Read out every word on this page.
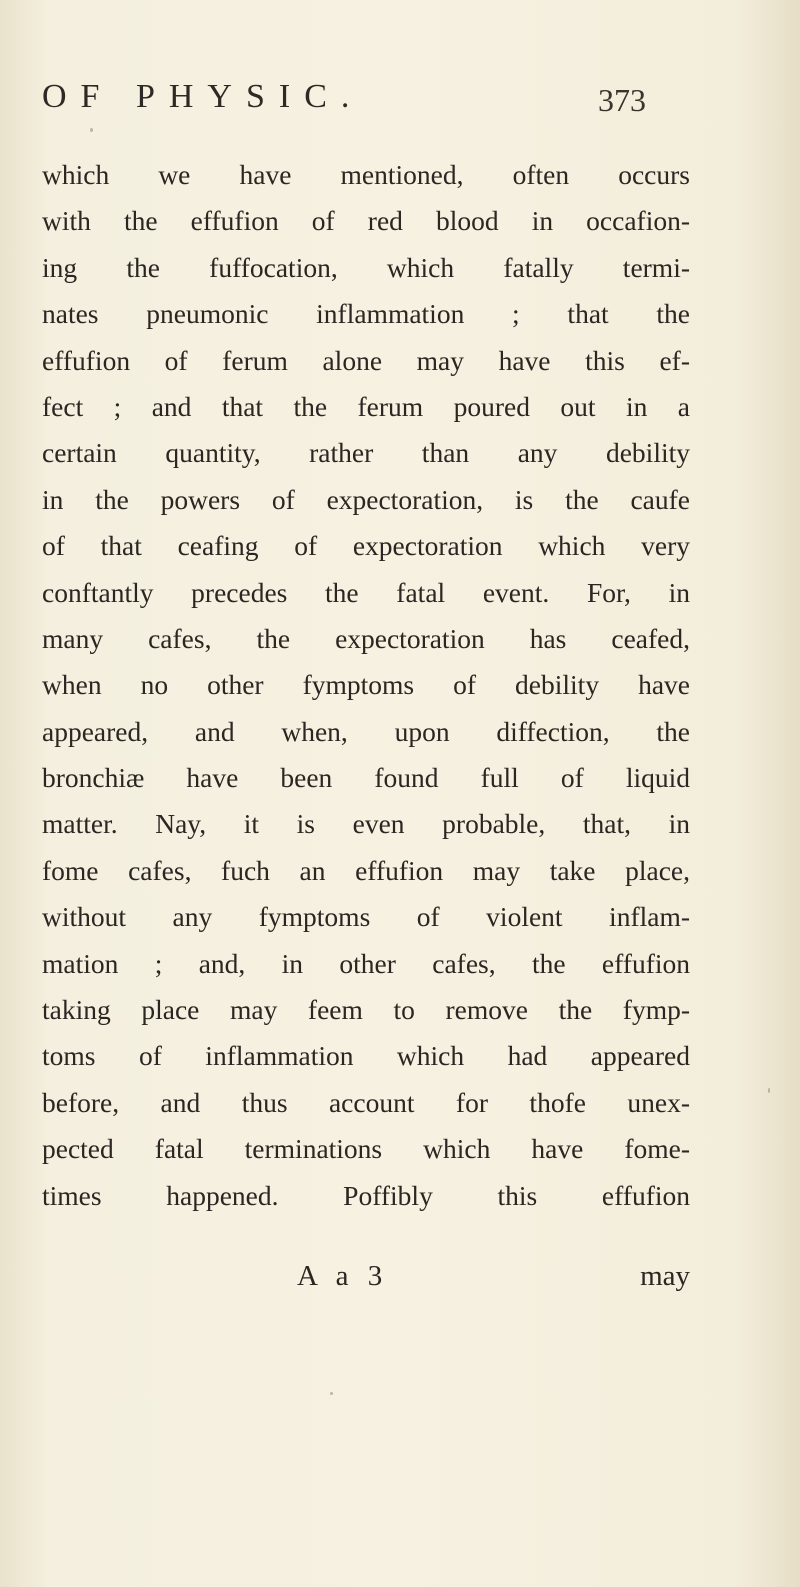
OF PHYSIC.	373
which we have mentioned, often occurs
with the effufion of red blood in occafion-
ing the fuffocation, which fatally termi-
nates pneumonic inflammation ; that the
effufion of ferum alone may have this ef-
fect ; and that the ferum poured out in a
certain quantity, rather than any debility
in the powers of expectoration, is the caufe
of that ceafing of expectoration which very
conftantly precedes the fatal event. For, in
many cafes, the expectoration has ceafed,
when no other fymptoms of debility have
appeared, and when, upon diffection, the
bronchiæ have been found full of liquid
matter. Nay, it is even probable, that, in
fome cafes, fuch an effufion may take place,
without any fymptoms of violent inflam-
mation ; and, in other cafes, the effufion
taking place may feem to remove the fymp-
toms of inflammation which had appeared
before, and thus account for thofe unex-
pected fatal terminations which have fome-
times happened. Poffibly this effufion
A a 3	may
